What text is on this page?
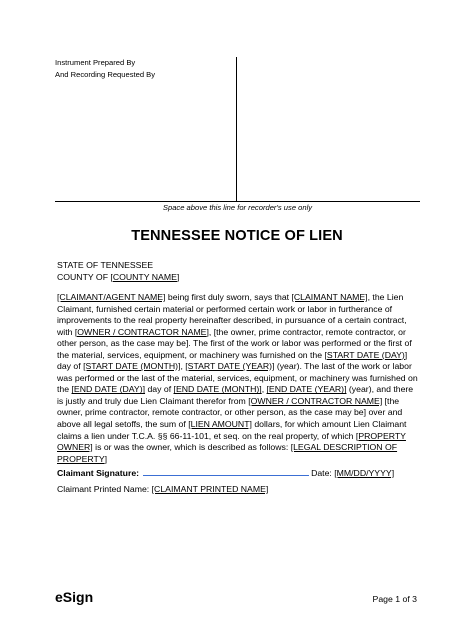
Instrument Prepared By
And Recording Requested By
Space above this line for recorder's use only
TENNESSEE NOTICE OF LIEN
STATE OF TENNESSEE
COUNTY OF [COUNTY NAME]
[CLAIMANT/AGENT NAME] being first duly sworn, says that [CLAIMANT NAME], the Lien Claimant, furnished certain material or performed certain work or labor in furtherance of improvements to the real property hereinafter described, in pursuance of a certain contract, with [OWNER / CONTRACTOR NAME], [the owner, prime contractor, remote contractor, or other person, as the case may be]. The first of the work or labor was performed or the first of the material, services, equipment, or machinery was furnished on the [START DATE (DAY)] day of [START DATE (MONTH)], [START DATE (YEAR)] (year). The last of the work or labor was performed or the last of the material, services, equipment, or machinery was furnished on the [END DATE (DAY)] day of [END DATE (MONTH)], [END DATE (YEAR)] (year), and there is justly and truly due Lien Claimant therefor from [OWNER / CONTRACTOR NAME] [the owner, prime contractor, remote contractor, or other person, as the case may be] over and above all legal setoffs, the sum of [LIEN AMOUNT] dollars, for which amount Lien Claimant claims a lien under T.C.A. §§ 66-11-101, et seq. on the real property, of which [PROPERTY OWNER] is or was the owner, which is described as follows: [LEGAL DESCRIPTION OF PROPERTY]
Claimant Signature:	Date: [MM/DD/YYYY]
Claimant Printed Name: [CLAIMANT PRINTED NAME]
eSign	Page 1 of 3
